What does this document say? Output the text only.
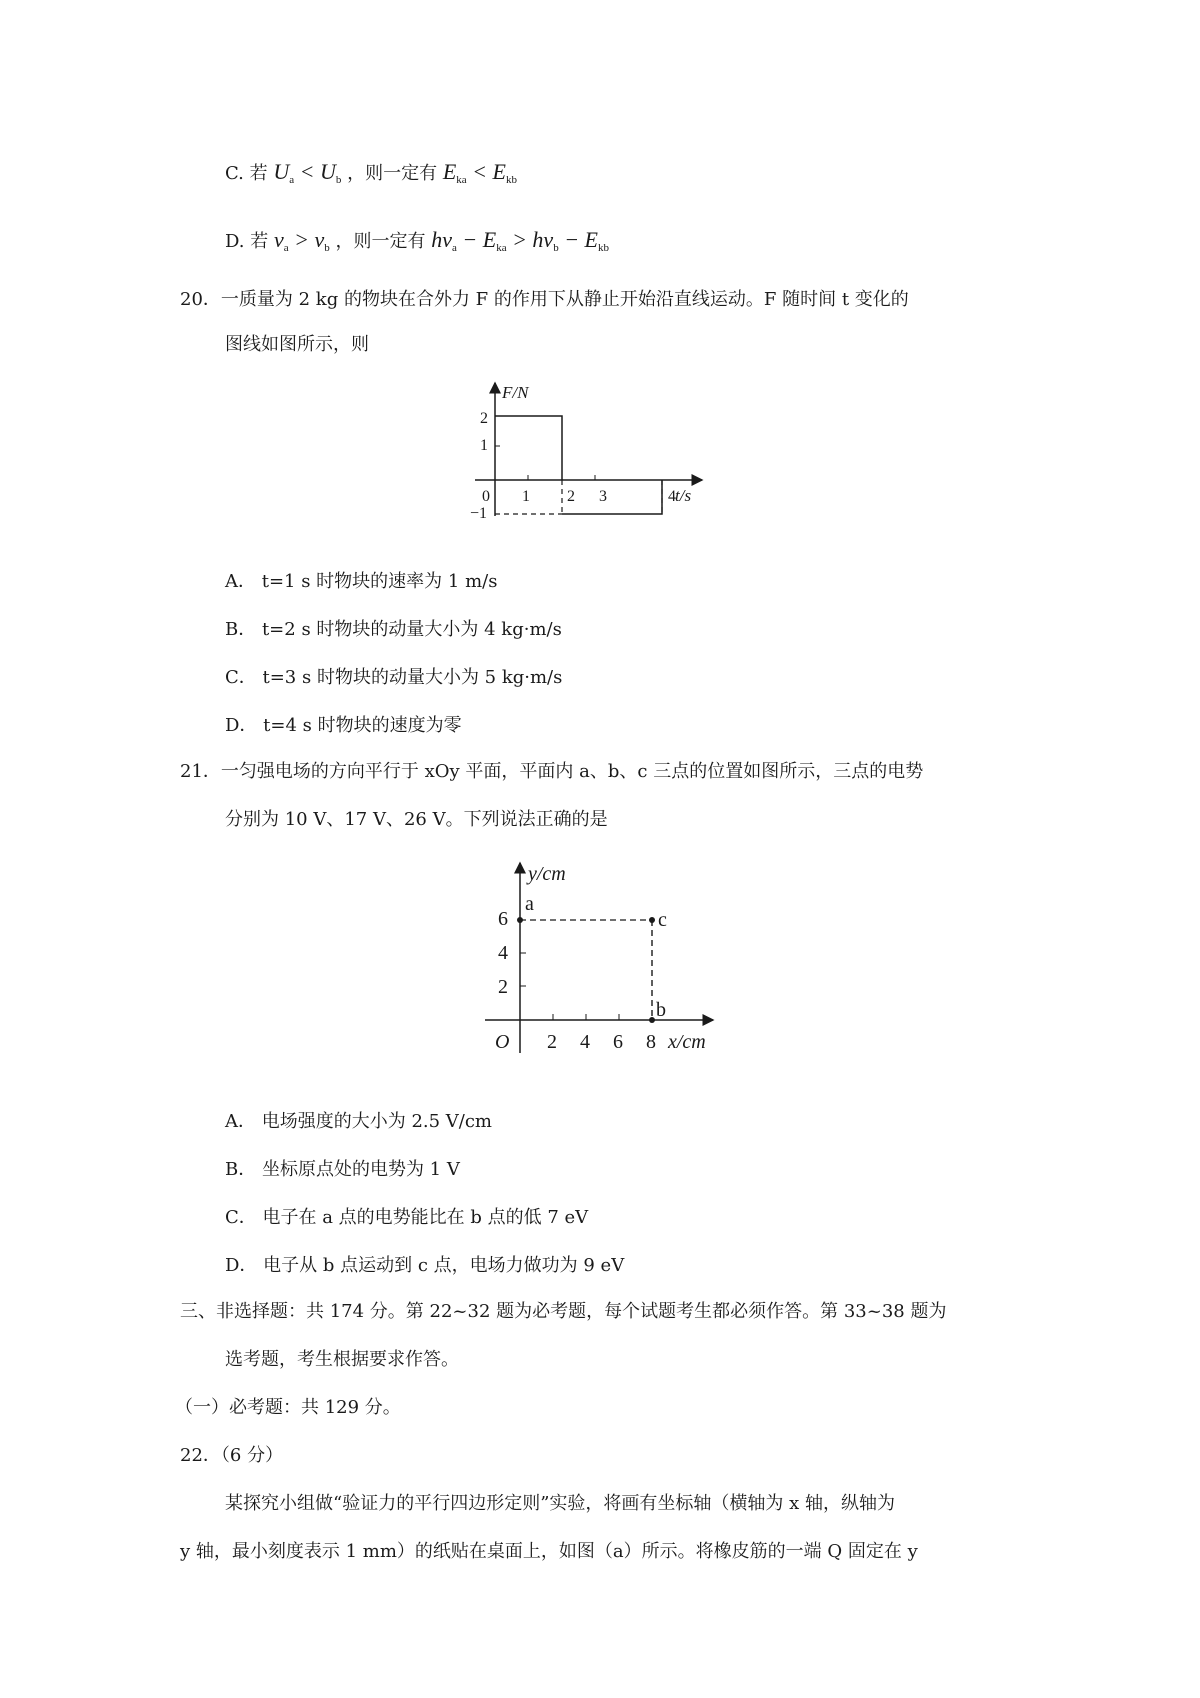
C. 若 $U_a < U_b$ ，则一定有 $E_{ka} < E_{kb}$
D. 若 $\nu_a > \nu_b$ ，则一定有 $h\nu_a - E_{ka} > h\nu_b - E_{kb}$
20．一质量为 2 kg 的物块在合外力 F 的作用下从静止开始沿直线运动。F 随时间 t 变化的
图线如图所示，则
F/N
t/s
0
2
1
−1
1 2 3	4
A． t=1 s 时物块的速率为 1 m/s
B． t=2 s 时物块的动量大小为 4 kg·m/s
C． t=3 s 时物块的动量大小为 5 kg·m/s
D． t=4 s 时物块的速度为零
21．一匀强电场的方向平行于 xOy 平面，平面内 a、b、c 三点的位置如图所示，三点的电势
分别为 10 V、17 V、26 V。下列说法正确的是
y/cm
x/cm
O
6
4
2
2 4 6 8
a
c
b
A． 电场强度的大小为 2.5 V/cm
B． 坐标原点处的电势为 1 V
C． 电子在 a 点的电势能比在 b 点的低 7 eV
D． 电子从 b 点运动到 c 点，电场力做功为 9 eV
三、非选择题：共 174 分。第 22~32 题为必考题，每个试题考生都必须作答。第 33~38 题为
选考题，考生根据要求作答。
（一）必考题：共 129 分。
22．（6 分）
某探究小组做“验证力的平行四边形定则”实验，将画有坐标轴（横轴为 x 轴，纵轴为
y 轴，最小刻度表示 1 mm）的纸贴在桌面上，如图（a）所示。将橡皮筋的一端 Q 固定在 y
